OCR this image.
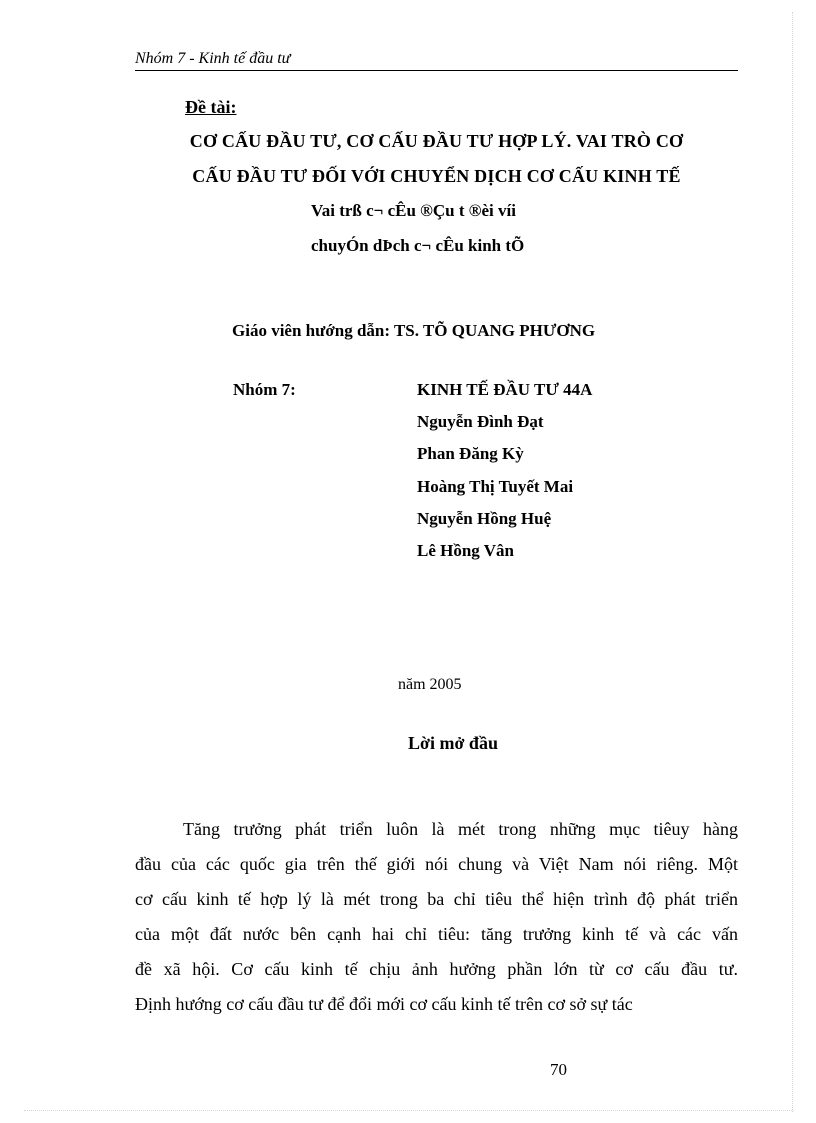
Nhóm 7 - Kinh tế đầu tư
Đề tài:
CƠ CẤU ĐẦU TƯ, CƠ CẤU ĐẦU TƯ HỢP LÝ. VAI TRÒ CƠ
CẤU ĐẦU TƯ ĐỐI VỚI CHUYỂN DỊCH CƠ CẤU KINH TẾ
Vai trß c¬ cÊu ®Çu t ®èi víi
chuyÓn dÞch c¬ cÊu kinh tÕ
Giáo viên hướng dẫn: TS. TÕ QUANG PHƯƠNG
Nhóm 7:	KINH TẾ ĐẦU TƯ 44A
Nguyễn Đình Đạt
Phan Đăng Kỳ
Hoàng Thị Tuyết Mai
Nguyễn Hồng Huệ
Lê Hồng Vân
năm 2005
Lời mở đầu
Tăng trưởng phát triển luôn là mét trong những mục tiêuy hàng
đầu của các quốc gia trên thế giới nói chung và Việt Nam nói riêng. Một
cơ cấu kinh tế hợp lý là mét trong ba chỉ tiêu thể hiện trình độ phát triển
của một đất nước bên cạnh hai chỉ tiêu: tăng trưởng kinh tế và các vấn
đề xã hội. Cơ cấu kinh tế chịu ảnh hưởng phần lớn từ cơ cấu đầu tư.
Định hướng cơ cấu đầu tư để đổi mới cơ cấu kinh tế trên cơ sở sự tác
70
